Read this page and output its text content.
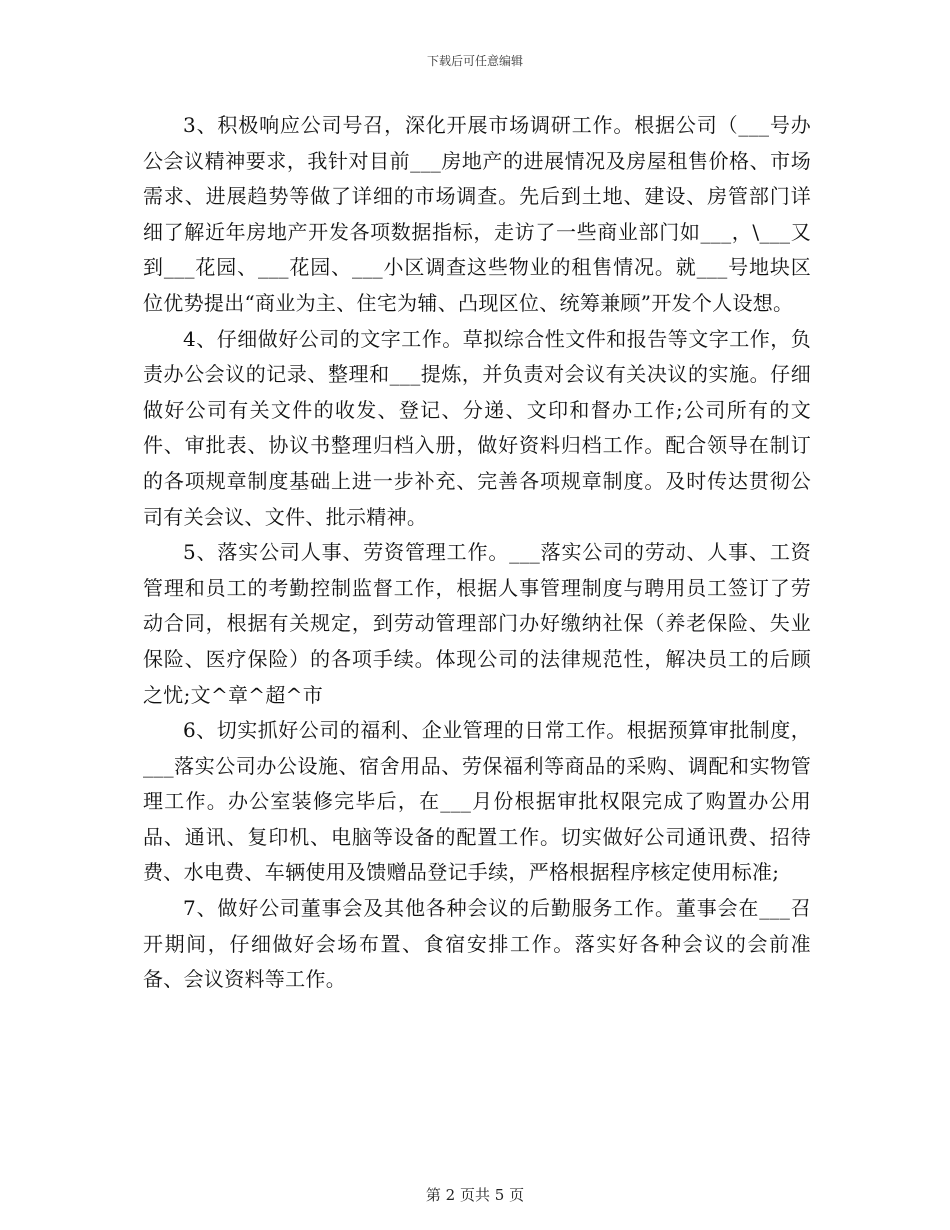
下载后可任意编辑

3、积极响应公司号召，深化开展市场调研工作。根据公司（___号办公会议精神要求，我针对目前___房地产的进展情况及房屋租售价格、市场需求、进展趋势等做了详细的市场调查。先后到土地、建设、房管部门详细了解近年房地产开发各项数据指标，走访了一些商业部门如___，\___又到___花园、___花园、___小区调查这些物业的租售情况。就___号地块区位优势提出“商业为主、住宅为辅、凸现区位、统筹兼顾”开发个人设想。

4、仔细做好公司的文字工作。草拟综合性文件和报告等文字工作，负责办公会议的记录、整理和___提炼，并负责对会议有关决议的实施。仔细做好公司有关文件的收发、登记、分递、文印和督办工作;公司所有的文件、审批表、协议书整理归档入册，做好资料归档工作。配合领导在制订的各项规章制度基础上进一步补充、完善各项规章制度。及时传达贯彻公司有关会议、文件、批示精神。

5、落实公司人事、劳资管理工作。___落实公司的劳动、人事、工资管理和员工的考勤控制监督工作，根据人事管理制度与聘用员工签订了劳动合同，根据有关规定，到劳动管理部门办好缴纳社保（养老保险、失业保险、医疗保险）的各项手续。体现公司的法律规范性，解决员工的后顾之忧;文^章^超^市

6、切实抓好公司的福利、企业管理的日常工作。根据预算审批制度，___落实公司办公设施、宿舍用品、劳保福利等商品的采购、调配和实物管理工作。办公室装修完毕后，在___月份根据审批权限完成了购置办公用品、通讯、复印机、电脑等设备的配置工作。切实做好公司通讯费、招待费、水电费、车辆使用及馈赠品登记手续，严格根据程序核定使用标准;

7、做好公司董事会及其他各种会议的后勤服务工作。董事会在___召开期间，仔细做好会场布置、食宿安排工作。落实好各种会议的会前准备、会议资料等工作。

第 2 页共 5 页
